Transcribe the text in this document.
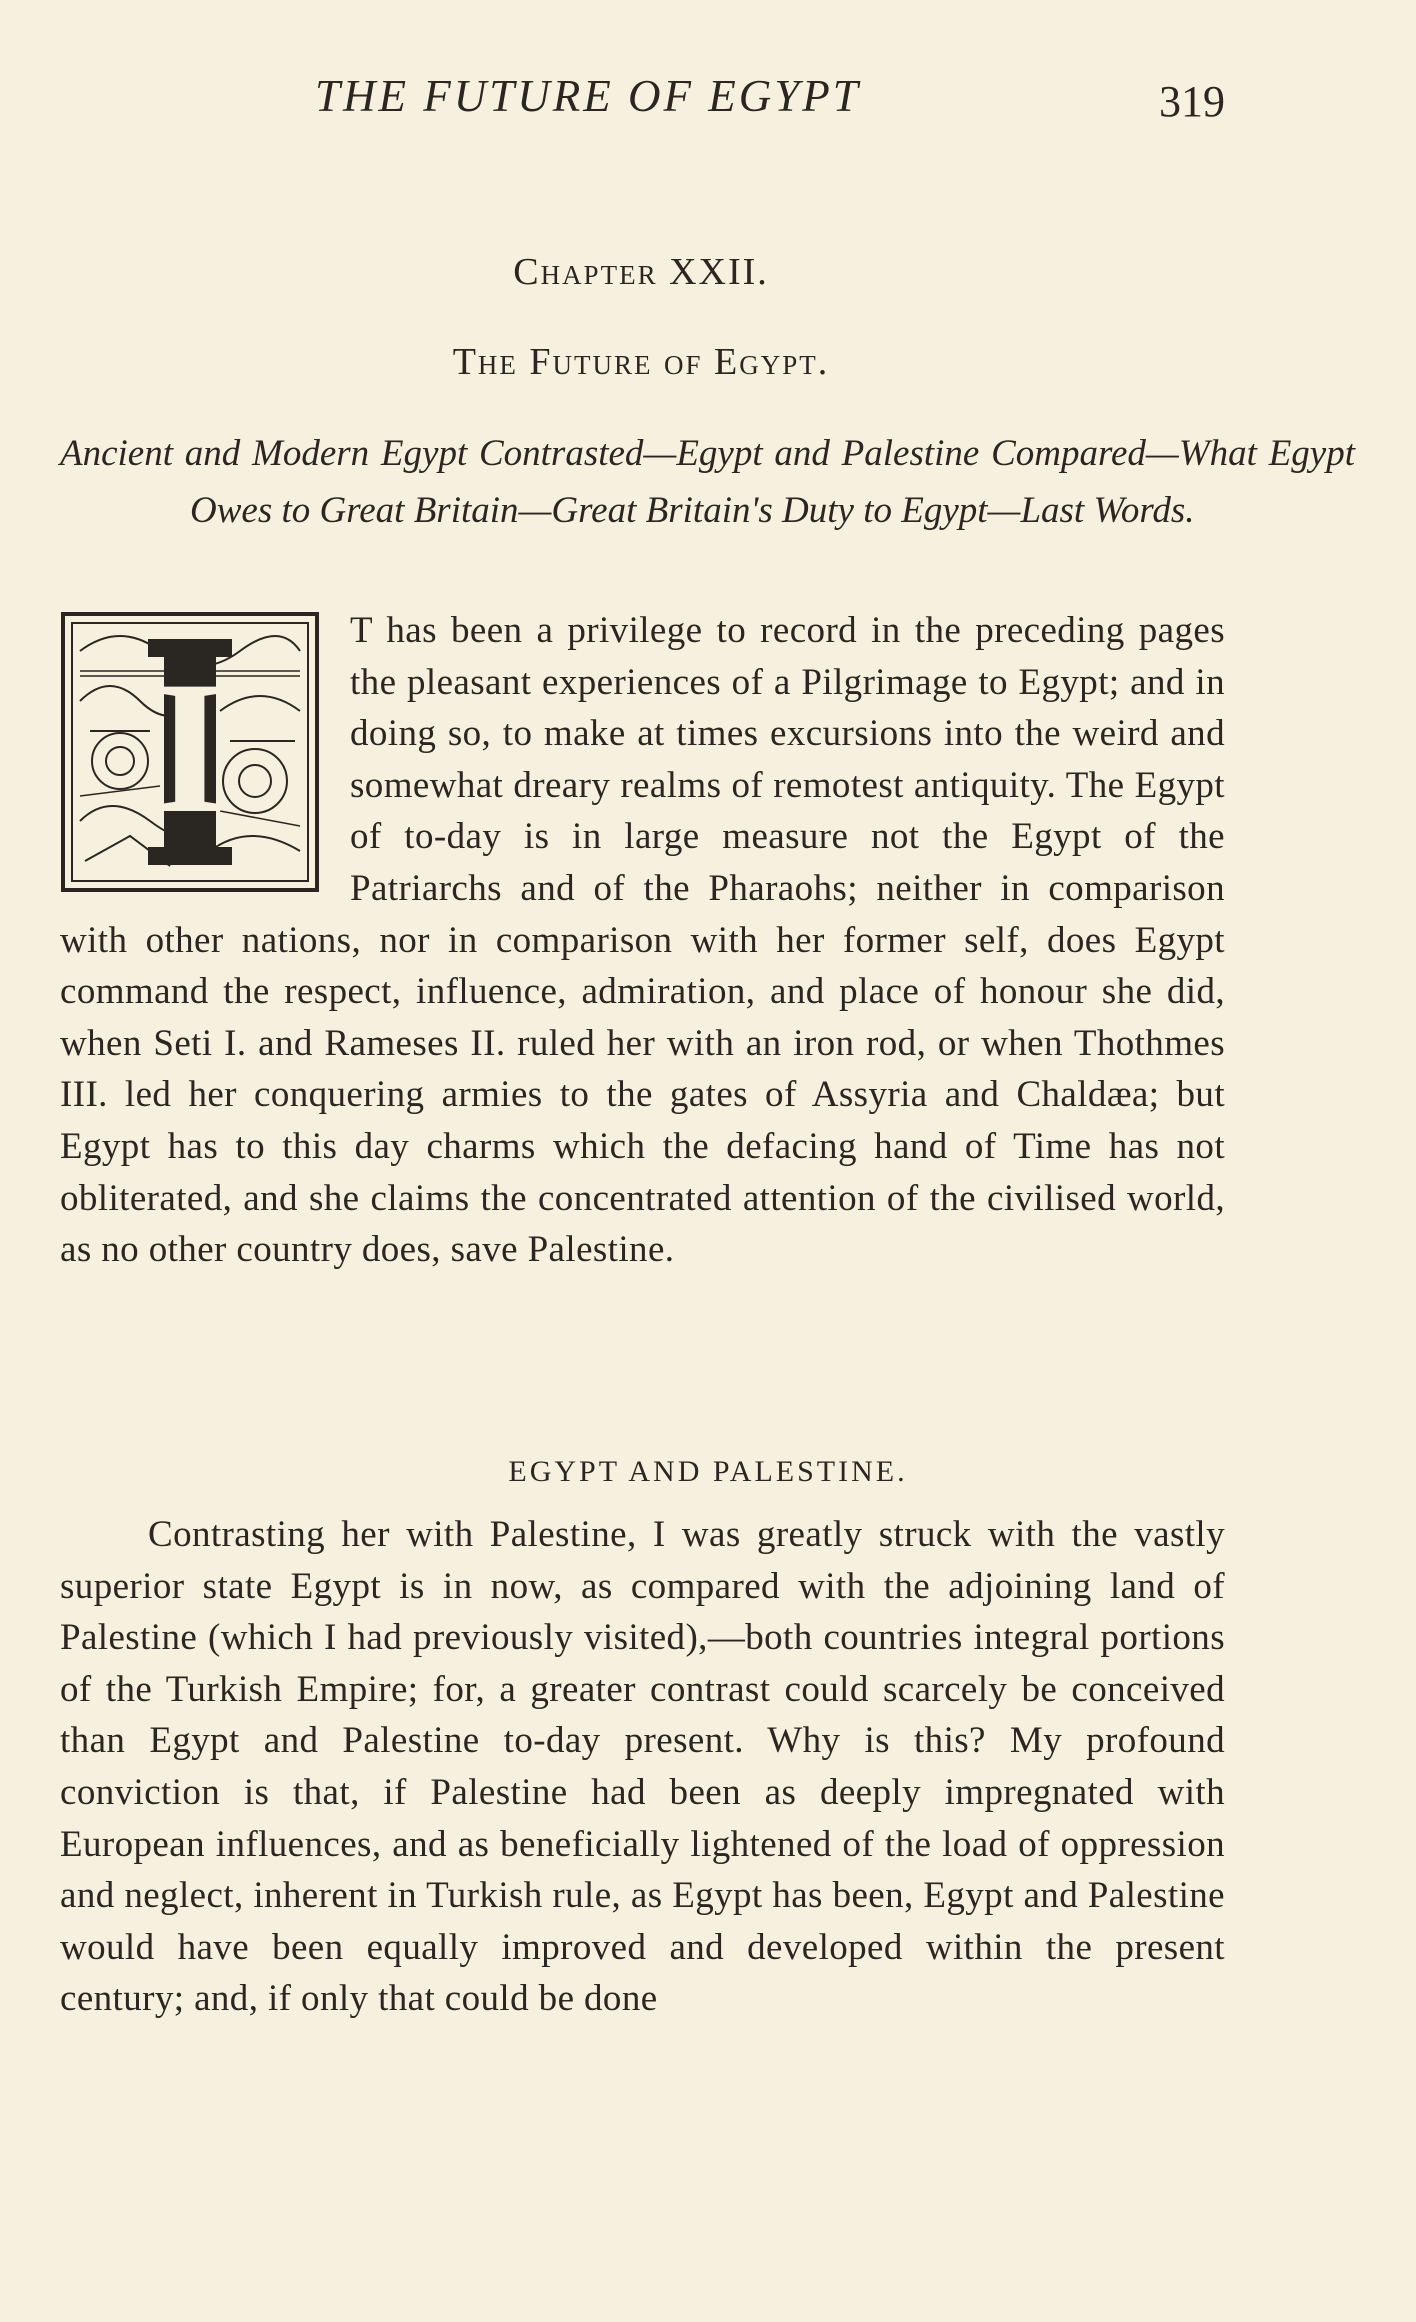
THE FUTURE OF EGYPT	319
Chapter XXII.
The Future of Egypt.
Ancient and Modern Egypt Contrasted—Egypt and Palestine Compared—What Egypt Owes to Great Britain—Great Britain's Duty to Egypt—Last Words.
I
T has been a privilege to record in the preceding pages the pleasant experiences of a Pilgrimage to Egypt; and in doing so, to make at times excursions into the weird and somewhat dreary realms of remotest antiquity. The Egypt of to-day is in large measure not the Egypt of the Patriarchs and of the Pharaohs; neither in comparison with other nations, nor in comparison with her former self, does Egypt command the respect, influence, admiration, and place of honour she did, when Seti I. and Rameses II. ruled her with an iron rod, or when Thothmes III. led her conquering armies to the gates of Assyria and Chaldæa; but Egypt has to this day charms which the defacing hand of Time has not obliterated, and she claims the concentrated attention of the civilised world, as no other country does, save Palestine.
EGYPT AND PALESTINE.
Contrasting her with Palestine, I was greatly struck with the vastly superior state Egypt is in now, as compared with the adjoining land of Palestine (which I had previously visited),—both countries integral portions of the Turkish Empire; for, a greater contrast could scarcely be conceived than Egypt and Palestine to-day present. Why is this? My profound conviction is that, if Palestine had been as deeply impregnated with European influences, and as beneficially lightened of the load of oppression and neglect, inherent in Turkish rule, as Egypt has been, Egypt and Palestine would have been equally improved and developed within the present century; and, if only that could be done
